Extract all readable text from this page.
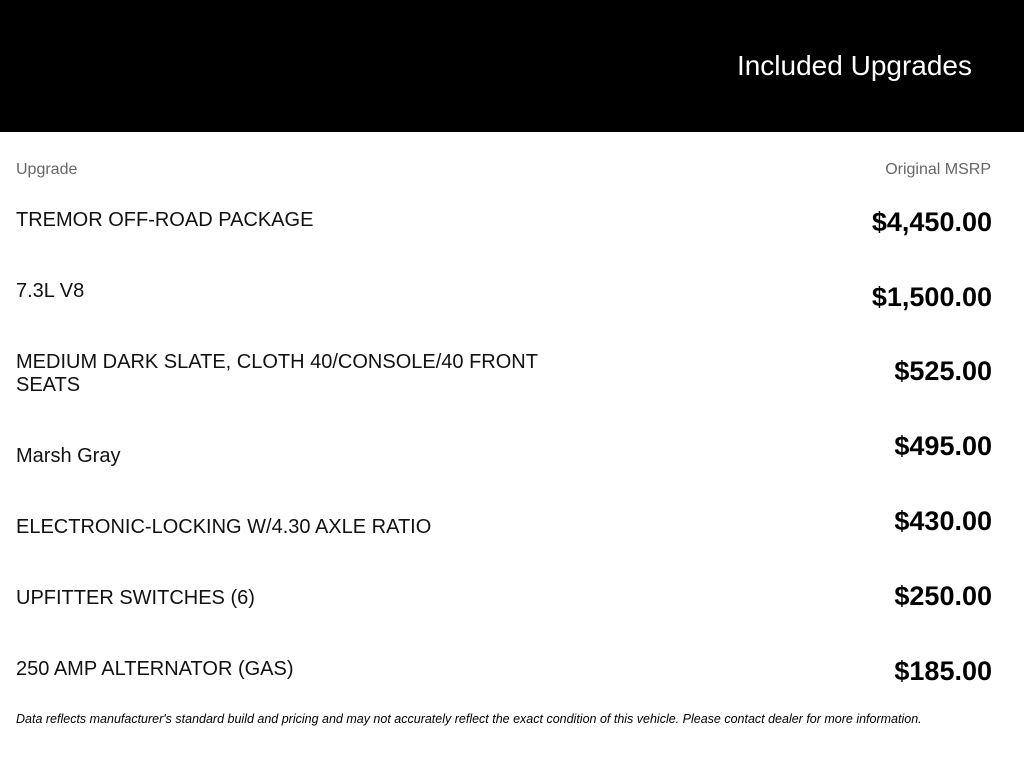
Included Upgrades
Upgrade	Original MSRP
TREMOR OFF-ROAD PACKAGE	$4,450.00
7.3L V8	$1,500.00
MEDIUM DARK SLATE, CLOTH 40/CONSOLE/40 FRONT SEATS	$525.00
Marsh Gray	$495.00
ELECTRONIC-LOCKING W/4.30 AXLE RATIO	$430.00
UPFITTER SWITCHES (6)	$250.00
250 AMP ALTERNATOR (GAS)	$185.00
Data reflects manufacturer's standard build and pricing and may not accurately reflect the exact condition of this vehicle. Please contact dealer for more information.
